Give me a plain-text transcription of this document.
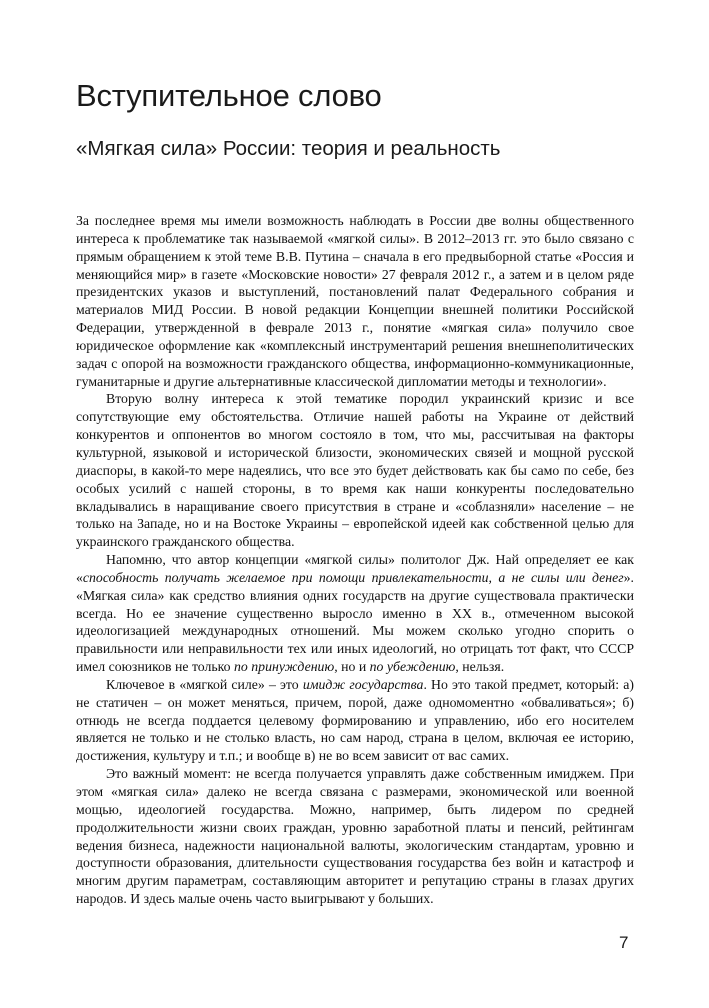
Вступительное слово
«Мягкая сила» России: теория и реальность

За последнее время мы имели возможность наблюдать в России две волны общественного интереса к проблематике так называемой «мягкой силы». В 2012–2013 гг. это было связано с прямым обращением к этой теме В.В. Путина – сначала в его предвыборной статье «Россия и меняющийся мир» в газете «Московские новости» 27 февраля 2012 г., а затем и в целом ряде президентских указов и выступлений, постановлений палат Федерального собрания и материалов МИД России. В новой редакции Концепции внешней политики Российской Федерации, утвержденной в феврале 2013 г., понятие «мягкая сила» получило свое юридическое оформление как «комплексный инструментарий решения внешнеполитических задач с опорой на возможности гражданского общества, информационно-коммуникационные, гуманитарные и другие альтернативные классической дипломатии методы и технологии».

Вторую волну интереса к этой тематике породил украинский кризис и все сопутствующие ему обстоятельства. Отличие нашей работы на Украине от действий конкурентов и оппонентов во многом состояло в том, что мы, рассчитывая на факторы культурной, языковой и исторической близости, экономических связей и мощной русской диаспоры, в какой-то мере надеялись, что все это будет действовать как бы само по себе, без особых усилий с нашей стороны, в то время как наши конкуренты последовательно вкладывались в наращивание своего присутствия в стране и «соблазняли» население – не только на Западе, но и на Востоке Украины – европейской идеей как собственной целью для украинского гражданского общества.

Напомню, что автор концепции «мягкой силы» политолог Дж. Най определяет ее как «способность получать желаемое при помощи привлекательности, а не силы или денег». «Мягкая сила» как средство влияния одних государств на другие существовала практически всегда. Но ее значение существенно выросло именно в XX в., отмеченном высокой идеологизацией международных отношений. Мы можем сколько угодно спорить о правильности или неправильности тех или иных идеологий, но отрицать тот факт, что СССР имел союзников не только по принуждению, но и по убеждению, нельзя.

Ключевое в «мягкой силе» – это имидж государства. Но это такой предмет, который: а) не статичен – он может меняться, причем, порой, даже одномоментно «обваливаться»; б) отнюдь не всегда поддается целевому формированию и управлению, ибо его носителем является не только и не столько власть, но сам народ, страна в целом, включая ее историю, достижения, культуру и т.п.; и вообще в) не во всем зависит от вас самих.

Это важный момент: не всегда получается управлять даже собственным имиджем. При этом «мягкая сила» далеко не всегда связана с размерами, экономической или военной мощью, идеологией государства. Можно, например, быть лидером по средней продолжительности жизни своих граждан, уровню заработной платы и пенсий, рейтингам ведения бизнеса, надежности национальной валюты, экологическим стандартам, уровню и доступности образования, длительности существования государства без войн и катастроф и многим другим параметрам, составляющим авторитет и репутацию страны в глазах других народов. И здесь малые очень часто выигрывают у больших.

7
